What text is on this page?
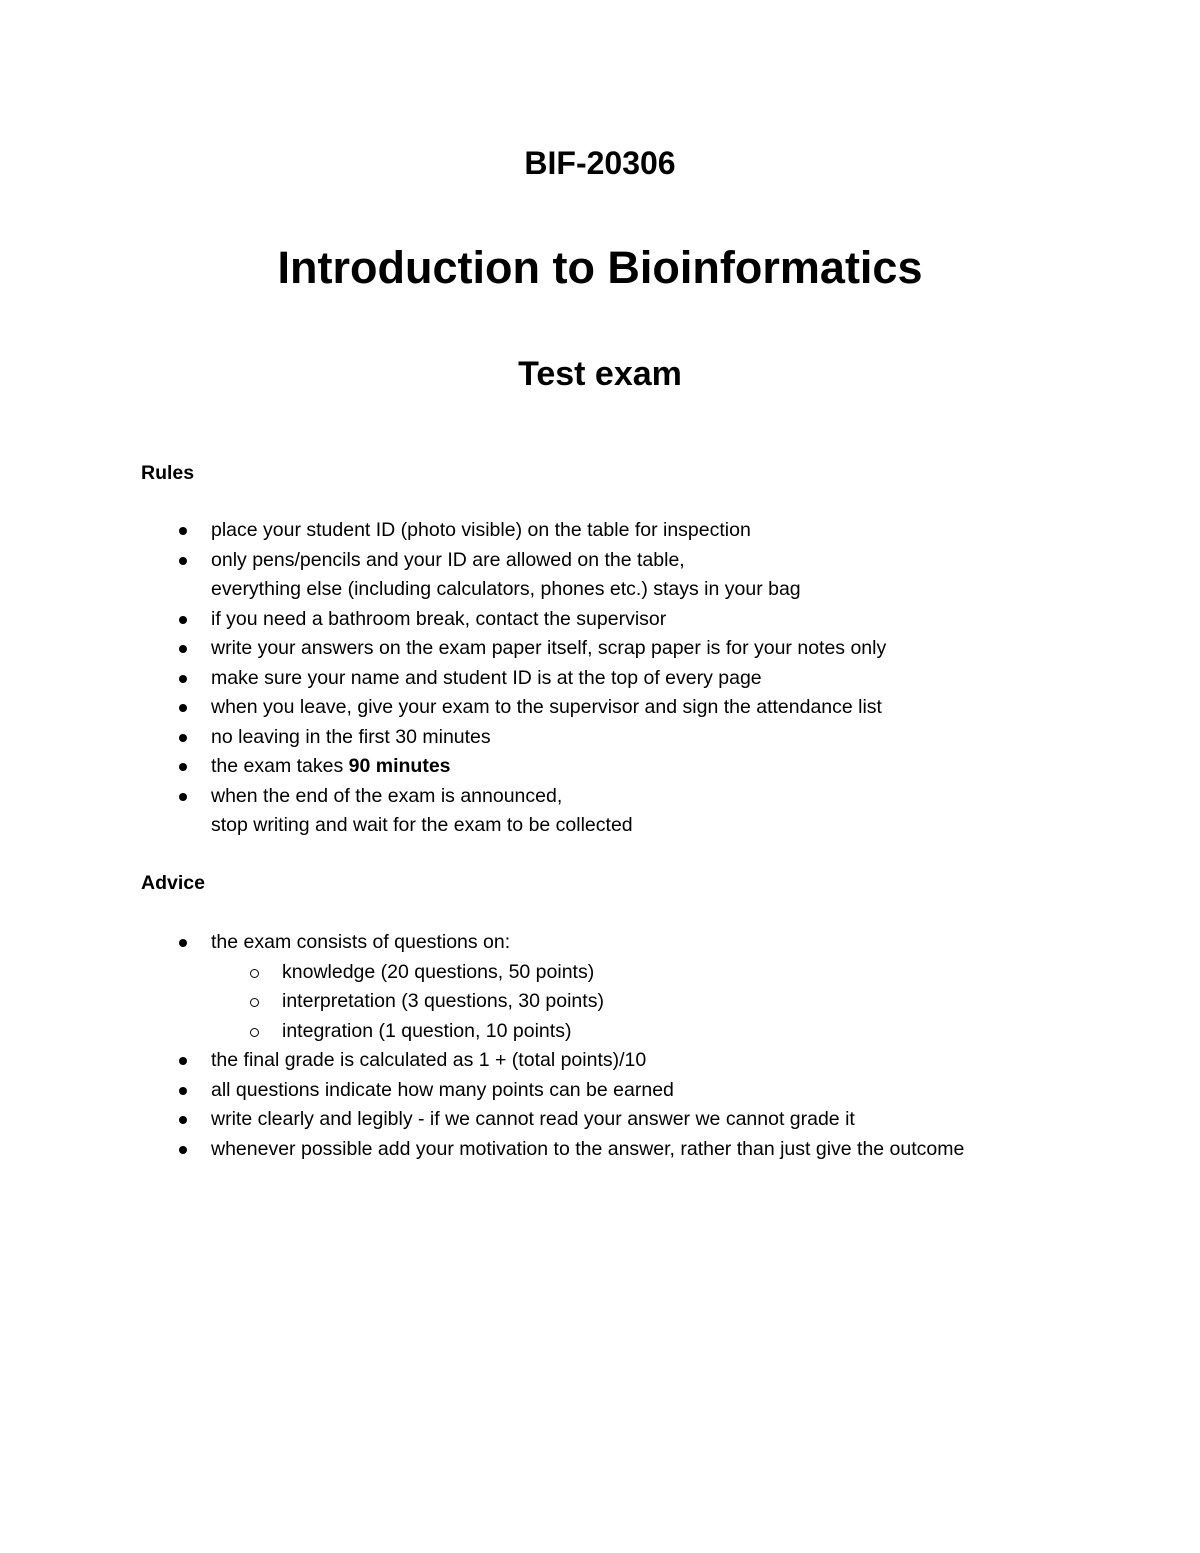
BIF-20306
Introduction to Bioinformatics
Test exam
Rules
place your student ID (photo visible) on the table for inspection
only pens/pencils and your ID are allowed on the table,
everything else (including calculators, phones etc.) stays in your bag
if you need a bathroom break, contact the supervisor
write your answers on the exam paper itself, scrap paper is for your notes only
make sure your name and student ID is at the top of every page
when you leave, give your exam to the supervisor and sign the attendance list
no leaving in the first 30 minutes
the exam takes 90 minutes
when the end of the exam is announced,
stop writing and wait for the exam to be collected
Advice
the exam consists of questions on:
knowledge (20 questions, 50 points)
interpretation (3 questions, 30 points)
integration (1 question, 10 points)
the final grade is calculated as 1 + (total points)/10
all questions indicate how many points can be earned
write clearly and legibly - if we cannot read your answer we cannot grade it
whenever possible add your motivation to the answer, rather than just give the outcome
